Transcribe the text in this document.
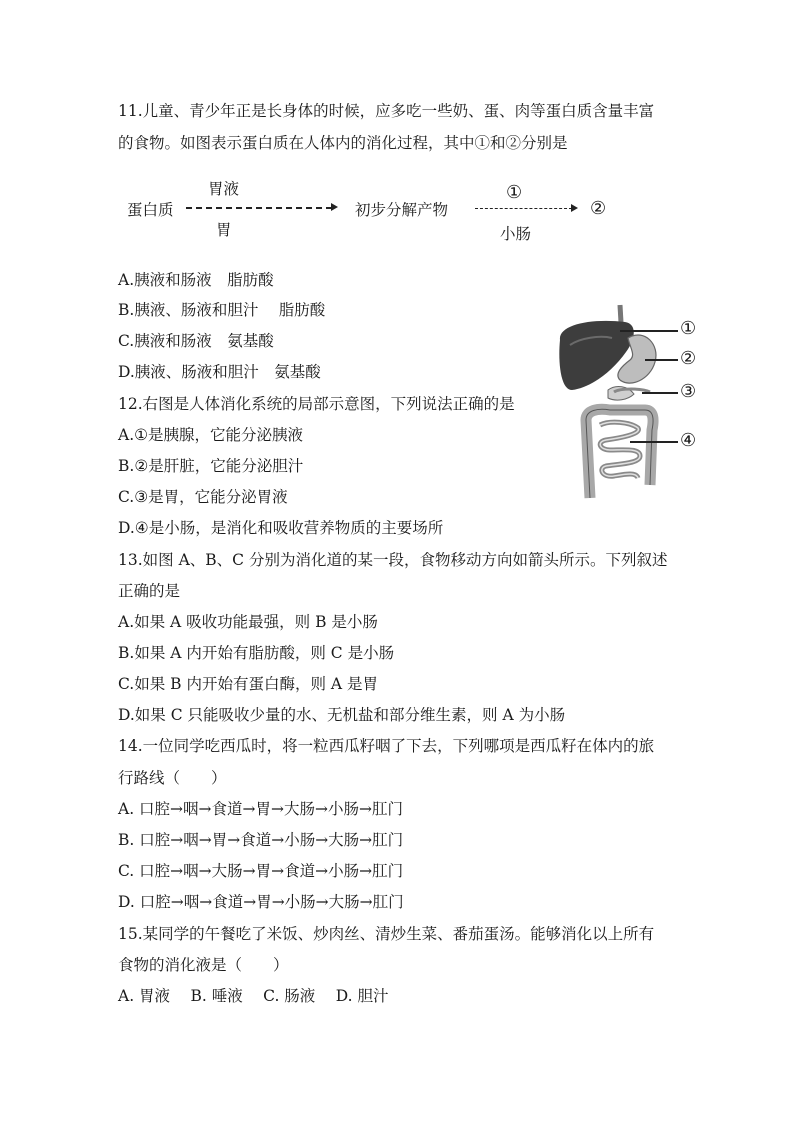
11.儿童、青少年正是长身体的时候，应多吃一些奶、蛋、肉等蛋白质含量丰富
的食物。如图表示蛋白质在人体内的消化过程，其中①和②分别是
蛋白质
胃液
胃
初步分解产物
①
小肠
②
A.胰液和肠液　脂肪酸
B.胰液、肠液和胆汁　 脂肪酸
C.胰液和肠液　氨基酸
D.胰液、肠液和胆汁　氨基酸
12.右图是人体消化系统的局部示意图，下列说法正确的是
A.①是胰腺，它能分泌胰液
B.②是肝脏，它能分泌胆汁
C.③是胃，它能分泌胃液
D.④是小肠，是消化和吸收营养物质的主要场所
①
②
③
④
13.如图 A、B、C 分别为消化道的某一段，食物移动方向如箭头所示。下列叙述
正确的是
A.如果 A 吸收功能最强，则 B 是小肠
B.如果 A 内开始有脂肪酸，则 C 是小肠
C.如果 B 内开始有蛋白酶，则 A 是胃
D.如果 C 只能吸收少量的水、无机盐和部分维生素，则 A 为小肠
14.一位同学吃西瓜时，将一粒西瓜籽咽了下去，下列哪项是西瓜籽在体内的旅
行路线（　　）
A. 口腔→咽→食道→胃→大肠→小肠→肛门
B. 口腔→咽→胃→食道→小肠→大肠→肛门
C. 口腔→咽→大肠→胃→食道→小肠→肛门
D. 口腔→咽→食道→胃→小肠→大肠→肛门
15.某同学的午餐吃了米饭、炒肉丝、清炒生菜、番茄蛋汤。能够消化以上所有
食物的消化液是（　　）
A. 胃液　 B. 唾液　 C. 肠液　 D. 胆汁
